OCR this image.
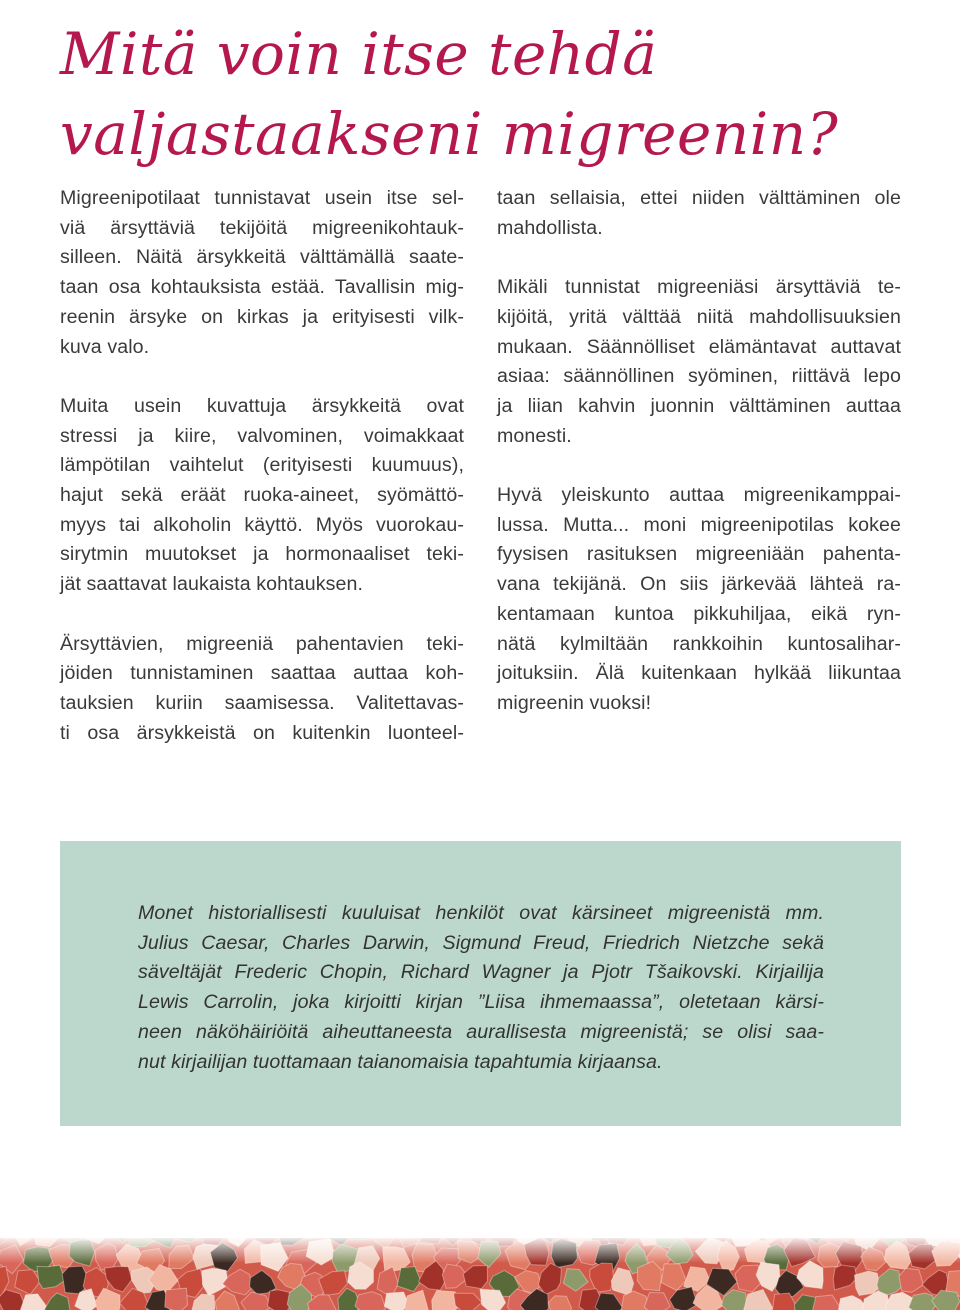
Mitä voin itse tehdä
valjastaakseni migreenin?
Migreenipotilaat tunnistavat usein itse sel-
viä ärsyttäviä tekijöitä migreenikohtauk-
silleen. Näitä ärsykkeitä välttämällä saate-
taan osa kohtauksista estää. Tavallisin mig-
reenin ärsyke on kirkas ja erityisesti vilk-
kuva valo.
Muita usein kuvattuja ärsykkeitä ovat
stressi ja kiire, valvominen, voimakkaat
lämpötilan vaihtelut (erityisesti kuumuus),
hajut sekä eräät ruoka-aineet, syömättö-
myys tai alkoholin käyttö. Myös vuorokau-
sirytmin muutokset ja hormonaaliset teki-
jät saattavat laukaista kohtauksen.
Ärsyttävien, migreeniä pahentavien teki-
jöiden tunnistaminen saattaa auttaa koh-
tauksien kuriin saamisessa. Valitettavas-
ti osa ärsykkeistä on kuitenkin luonteel-
taan sellaisia, ettei niiden välttäminen ole
mahdollista.
Mikäli tunnistat migreeniäsi ärsyttäviä te-
kijöitä, yritä välttää niitä mahdollisuuksien
mukaan. Säännölliset elämäntavat auttavat
asiaa: säännöllinen syöminen, riittävä lepo
ja liian kahvin juonnin välttäminen auttaa
monesti.
Hyvä yleiskunto auttaa migreenikamppai-
lussa. Mutta... moni migreenipotilas kokee
fyysisen rasituksen migreeniään pahenta-
vana tekijänä. On siis järkevää lähteä ra-
kentamaan kuntoa pikkuhiljaa, eikä ryn-
nätä kylmiltään rankkoihin kuntosalihar-
joituksiin. Älä kuitenkaan hylkää liikuntaa
migreenin vuoksi!
Monet historiallisesti kuuluisat henkilöt ovat kärsineet migreenistä mm.
Julius Caesar, Charles Darwin, Sigmund Freud, Friedrich Nietzche sekä
säveltäjät Frederic Chopin, Richard Wagner ja Pjotr Tšaikovski. Kirjailija
Lewis Carrolin, joka kirjoitti kirjan ”Liisa ihmemaassa”, oletetaan kärsi-
neen näköhäiriöitä aiheuttaneesta aurallisesta migreenistä; se olisi saa-
nut kirjailijan tuottamaan taianomaisia tapahtumia kirjaansa.
